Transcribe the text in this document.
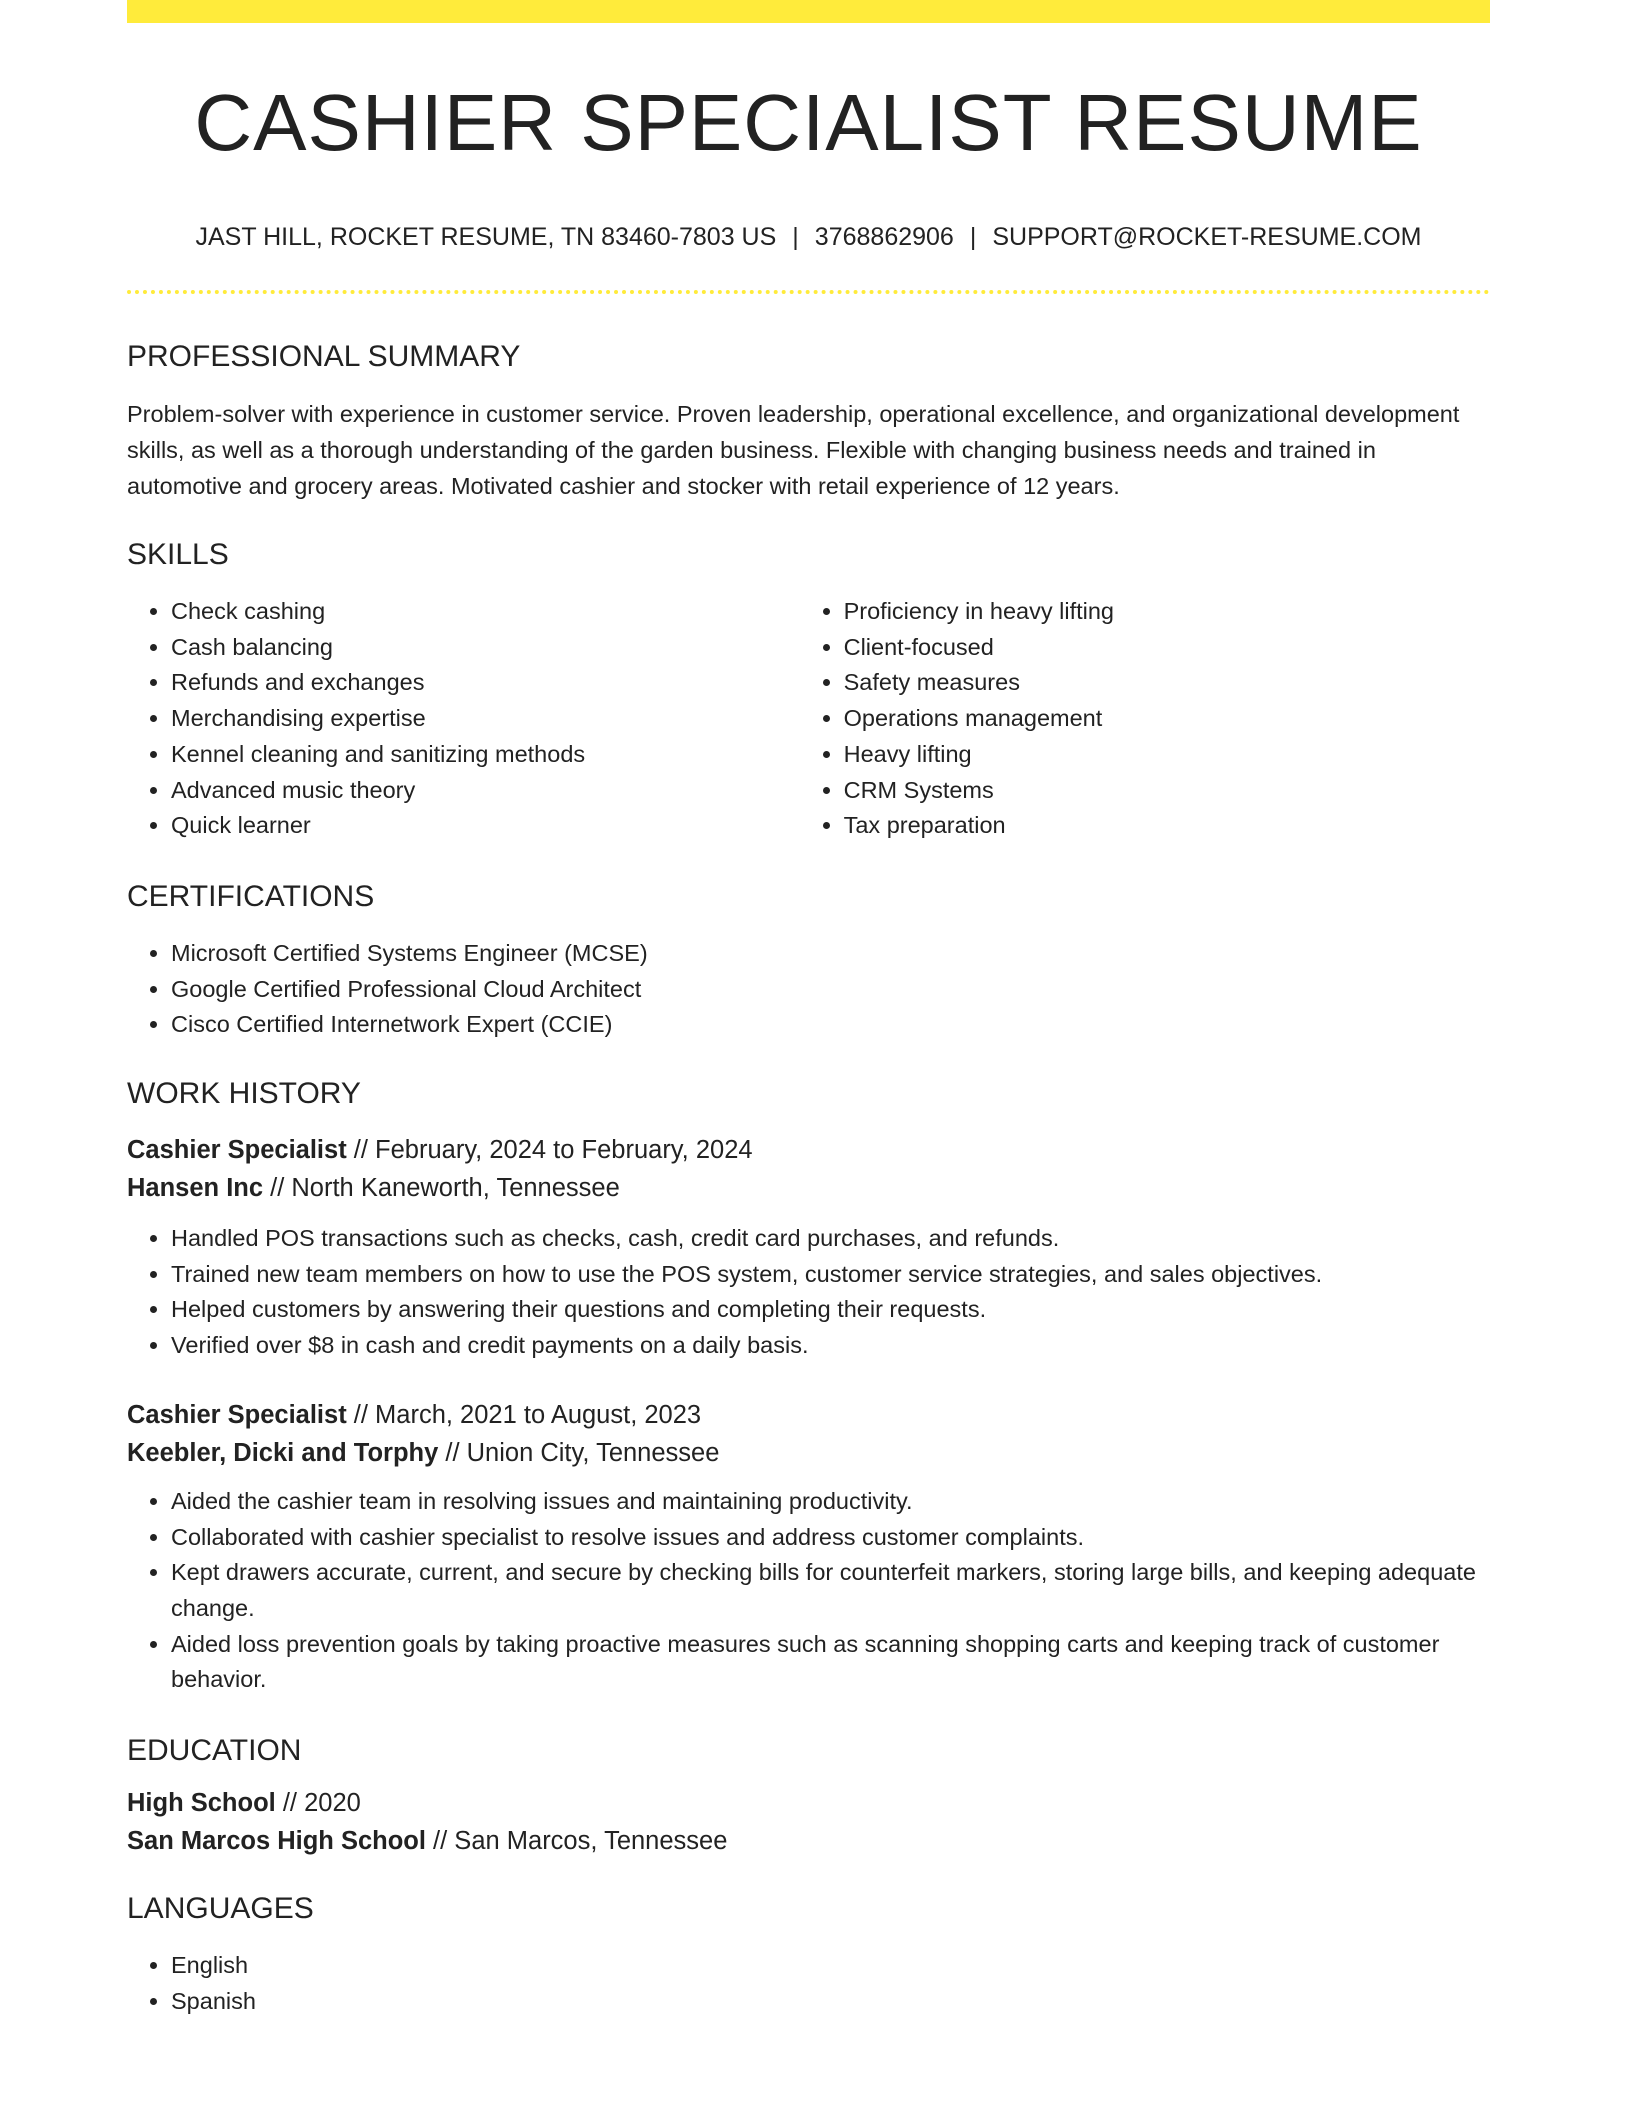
CASHIER SPECIALIST RESUME
JAST HILL, ROCKET RESUME, TN 83460-7803 US | 3768862906 | SUPPORT@ROCKET-RESUME.COM
PROFESSIONAL SUMMARY

Problem-solver with experience in customer service. Proven leadership, operational excellence, and organizational development skills, as well as a thorough understanding of the garden business. Flexible with changing business needs and trained in automotive and grocery areas. Motivated cashier and stocker with retail experience of 12 years.

SKILLS
• Check cashing
• Cash balancing
• Refunds and exchanges
• Merchandising expertise
• Kennel cleaning and sanitizing methods
• Advanced music theory
• Quick learner
• Proficiency in heavy lifting
• Client-focused
• Safety measures
• Operations management
• Heavy lifting
• CRM Systems
• Tax preparation
CERTIFICATIONS
• Microsoft Certified Systems Engineer (MCSE)
• Google Certified Professional Cloud Architect
• Cisco Certified Internetwork Expert (CCIE)
WORK HISTORY

Cashier Specialist // February, 2024 to February, 2024

Hansen Inc // North Kaneworth, Tennessee

• Handled POS transactions such as checks, cash, credit card purchases, and refunds.
• Trained new team members on how to use the POS system, customer service strategies, and sales objectives.
• Helped customers by answering their questions and completing their requests.
• Verified over $8 in cash and credit payments on a daily basis.

Cashier Specialist // March, 2021 to August, 2023

Keebler, Dicki and Torphy // Union City, Tennessee

• Aided the cashier team in resolving issues and maintaining productivity.
• Collaborated with cashier specialist to resolve issues and address customer complaints.
• Kept drawers accurate, current, and secure by checking bills for counterfeit markers, storing large bills, and keeping adequate change.
• Aided loss prevention goals by taking proactive measures such as scanning shopping carts and keeping track of customer behavior.
EDUCATION

High School // 2020

San Marcos High School // San Marcos, Tennessee

LANGUAGES
• English
• Spanish
